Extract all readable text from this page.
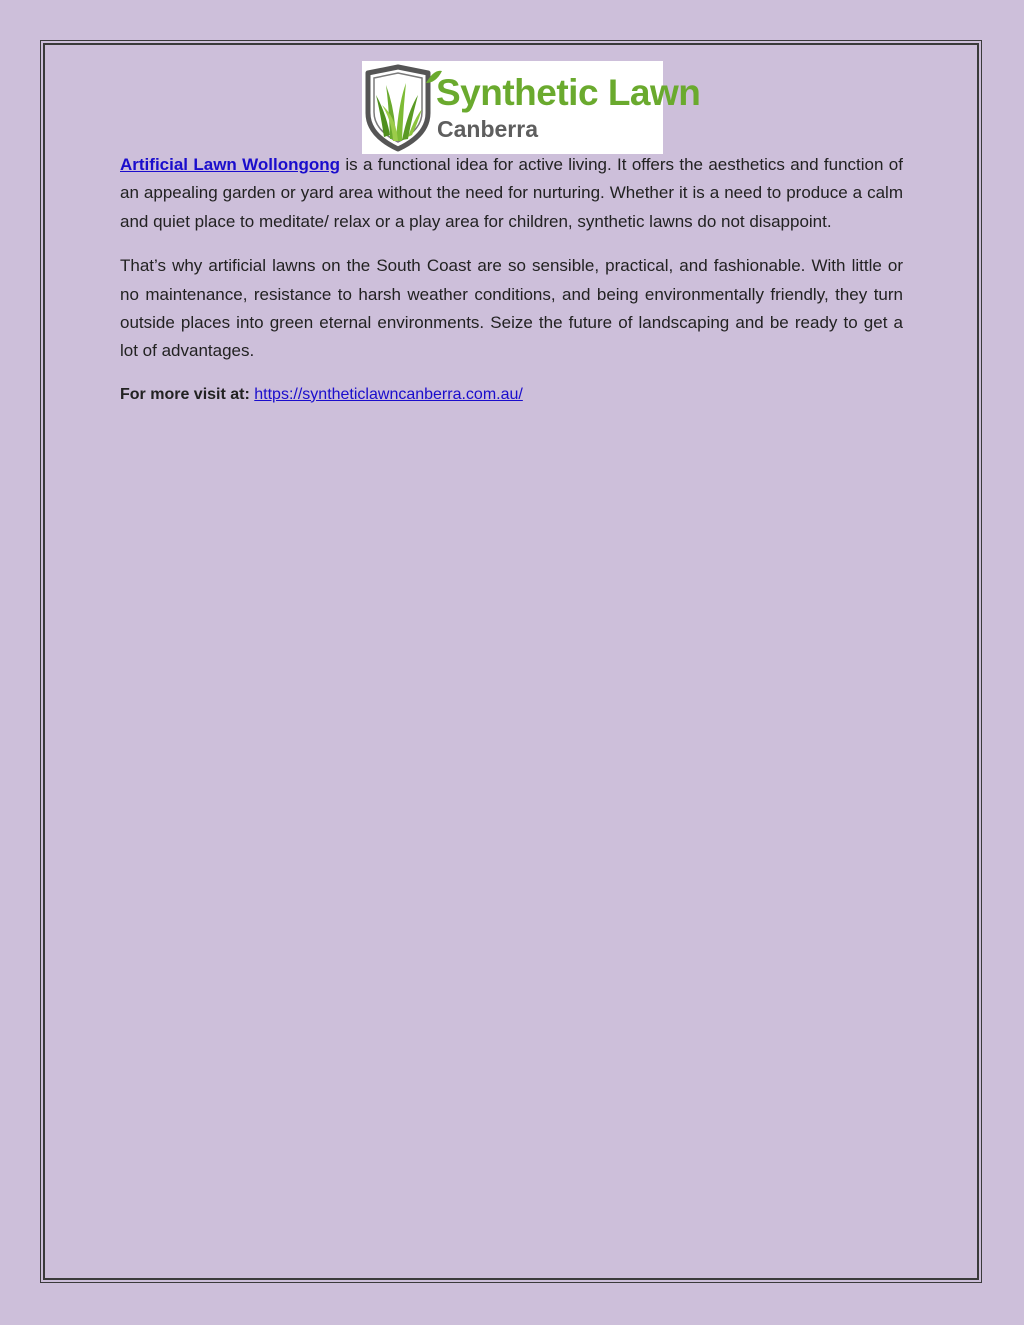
Synthetic Lawn
Canberra

Artificial Lawn Wollongong is a functional idea for active living. It offers the aesthetics and function of an appealing garden or yard area without the need for nurturing. Whether it is a need to produce a calm and quiet place to meditate/ relax or a play area for children, synthetic lawns do not disappoint.

That’s why artificial lawns on the South Coast are so sensible, practical, and fashionable. With little or no maintenance, resistance to harsh weather conditions, and being environmentally friendly, they turn outside places into green eternal environments. Seize the future of landscaping and be ready to get a lot of advantages.

For more visit at: https://syntheticlawncanberra.com.au/
